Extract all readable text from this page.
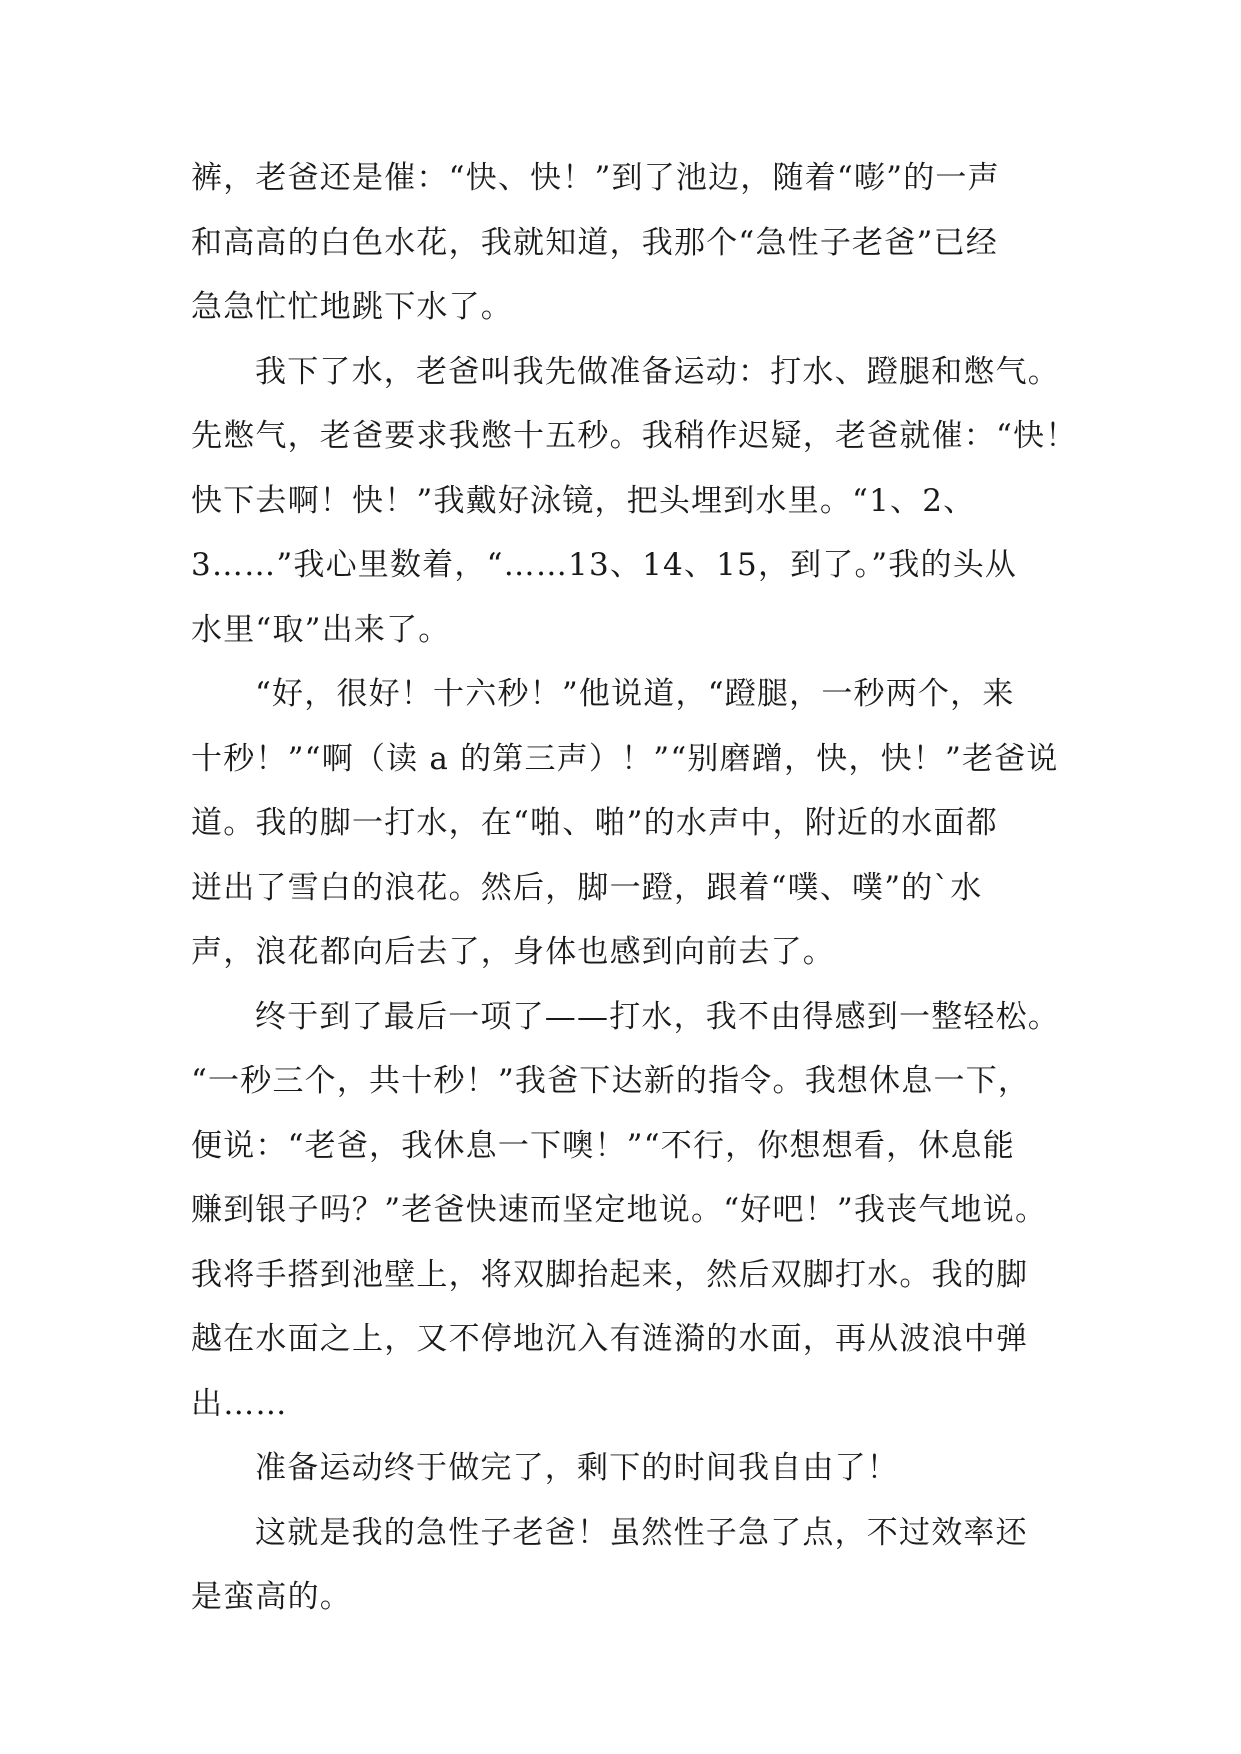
裤，老爸还是催：“快、快！”到了池边，随着“嘭”的一声
和高高的白色水花，我就知道，我那个“急性子老爸”已经
急急忙忙地跳下水了。
我下了水，老爸叫我先做准备运动：打水、蹬腿和憋气。
先憋气，老爸要求我憋十五秒。我稍作迟疑，老爸就催：“快！
快下去啊！快！”我戴好泳镜，把头埋到水里。“1、2、
3……”我心里数着，“……13、14、15，到了。”我的头从
水里“取”出来了。
“好，很好！十六秒！”他说道，“蹬腿，一秒两个，来
十秒！”“啊（读 a 的第三声）！”“别磨蹭，快，快！”老爸说
道。我的脚一打水，在“啪、啪”的水声中，附近的水面都
迸出了雪白的浪花。然后，脚一蹬，跟着“噗、噗”的`水
声，浪花都向后去了，身体也感到向前去了。
终于到了最后一项了——打水，我不由得感到一整轻松。
“一秒三个，共十秒！”我爸下达新的指令。我想休息一下，
便说：“老爸，我休息一下噢！”“不行，你想想看，休息能
赚到银子吗？”老爸快速而坚定地说。“好吧！”我丧气地说。
我将手搭到池壁上，将双脚抬起来，然后双脚打水。我的脚
越在水面之上，又不停地沉入有涟漪的水面，再从波浪中弹
出……
准备运动终于做完了，剩下的时间我自由了！
这就是我的急性子老爸！虽然性子急了点，不过效率还
是蛮高的。
